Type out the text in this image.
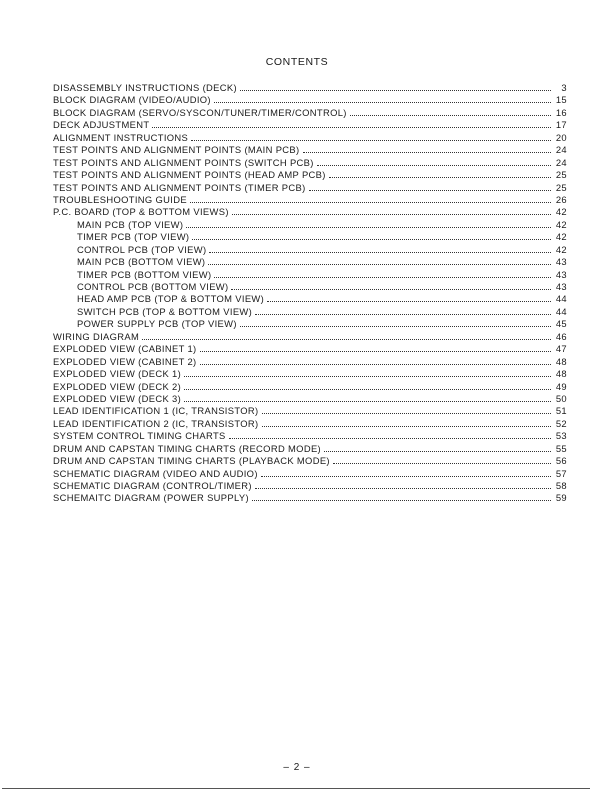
CONTENTS
DISASSEMBLY INSTRUCTIONS (DECK)	3
BLOCK DIAGRAM (VIDEO/AUDIO)	15
BLOCK DIAGRAM (SERVO/SYSCON/TUNER/TIMER/CONTROL)	16
DECK ADJUSTMENT	17
ALIGNMENT INSTRUCTIONS	20
TEST POINTS AND ALIGNMENT POINTS (MAIN PCB)	24
TEST POINTS AND ALIGNMENT POINTS (SWITCH PCB)	24
TEST POINTS AND ALIGNMENT POINTS (HEAD AMP PCB)	25
TEST POINTS AND ALIGNMENT POINTS (TIMER PCB)	25
TROUBLESHOOTING GUIDE	26
P.C. BOARD (TOP & BOTTOM VIEWS)	42
MAIN PCB (TOP VIEW)	42
TIMER PCB (TOP VIEW)	42
CONTROL PCB (TOP VIEW)	42
MAIN PCB (BOTTOM VIEW)	43
TIMER PCB (BOTTOM VIEW)	43
CONTROL PCB (BOTTOM VIEW)	43
HEAD AMP PCB (TOP & BOTTOM VIEW)	44
SWITCH PCB (TOP & BOTTOM VIEW)	44
POWER SUPPLY PCB (TOP VIEW)	45
WIRING DIAGRAM	46
EXPLODED VIEW (CABINET 1)	47
EXPLODED VIEW (CABINET 2)	48
EXPLODED VIEW (DECK 1)	48
EXPLODED VIEW (DECK 2)	49
EXPLODED VIEW (DECK 3)	50
LEAD IDENTIFICATION 1 (IC, TRANSISTOR)	51
LEAD IDENTIFICATION 2 (IC, TRANSISTOR)	52
SYSTEM CONTROL TIMING CHARTS	53
DRUM AND CAPSTAN TIMING CHARTS (RECORD MODE)	55
DRUM AND CAPSTAN TIMING CHARTS (PLAYBACK MODE)	56
SCHEMATIC DIAGRAM (VIDEO AND AUDIO)	57
SCHEMATIC DIAGRAM (CONTROL/TIMER)	58
SCHEMAITC DIAGRAM (POWER SUPPLY)	59
– 2 –
